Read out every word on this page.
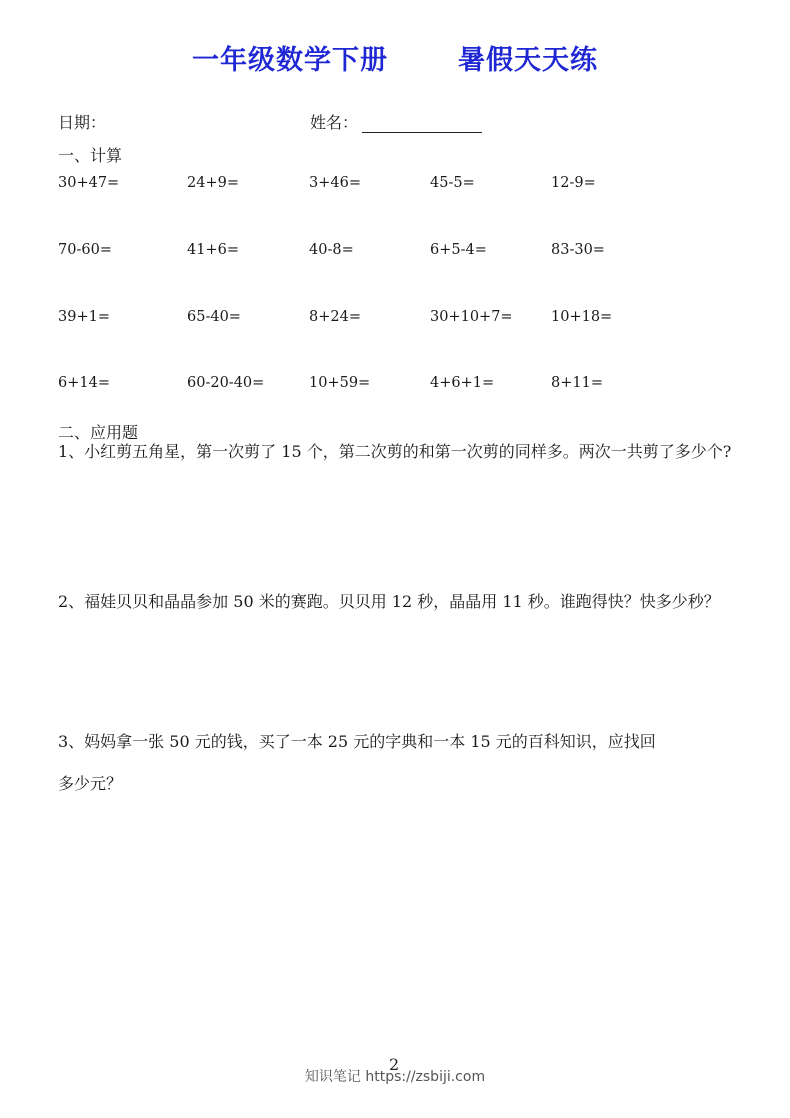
一年级数学下册	暑假天天练
日期：	姓名：
一、计算
30+47=	24+9=	3+46=	45-5=	12-9=
70-60=	41+6=	40-8=	6+5-4=	83-30=
39+1=	65-40=	8+24=	30+10+7=	10+18=
6+14=	60-20-40=	10+59=	4+6+1=	8+11=
二、应用题
1、小红剪五角星，第一次剪了 15 个，第二次剪的和第一次剪的同样多。两次一共剪了多少个?
2、福娃贝贝和晶晶参加 50 米的赛跑。贝贝用 12 秒，晶晶用 11 秒。谁跑得快？快多少秒？
3、妈妈拿一张 50 元的钱，买了一本 25 元的字典和一本 15 元的百科知识，应找回
多少元？
2
知识笔记 https://zsbiji.com
